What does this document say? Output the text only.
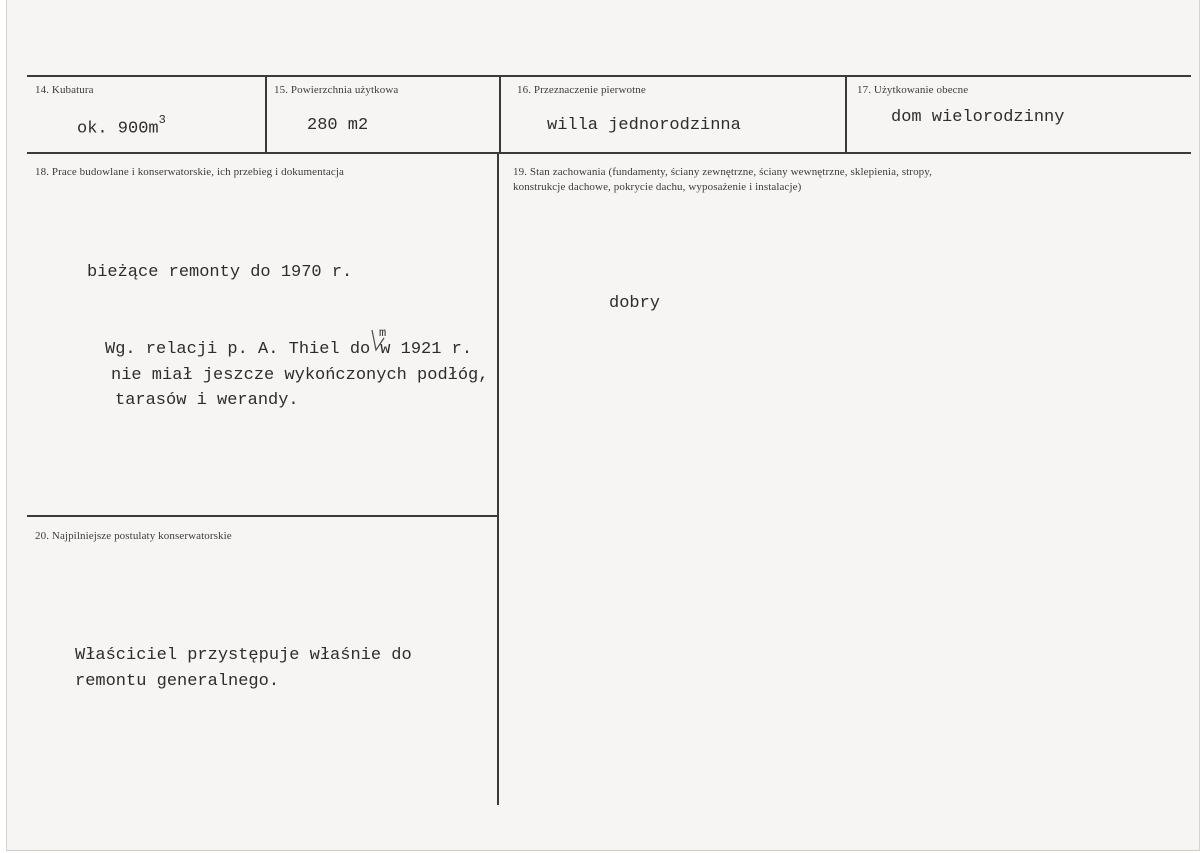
14. Kubatura
ok. $900m^3$
15. Powierzchnia użytkowa
280 m2
16. Przeznaczenie pierwotne
willa jednorodzinna
17. Użytkowanie obecne
dom wielorodzinny
18. Prace budowlane i konserwatorskie, ich przebieg i dokumentacja
bieżące remonty do 1970 r.
Wg. relacji p. A. Thiel do w 1921 r.
m
nie miał jeszcze wykończonych podłóg,
tarasów i werandy.
19. Stan zachowania (fundamenty, ściany zewnętrzne, ściany wewnętrzne, sklepienia, stropy,
konstrukcje dachowe, pokrycie dachu, wyposażenie i instalacje)
dobry
20. Najpilniejsze postulaty konserwatorskie
Właściciel przystępuje właśnie do
remontu generalnego.
